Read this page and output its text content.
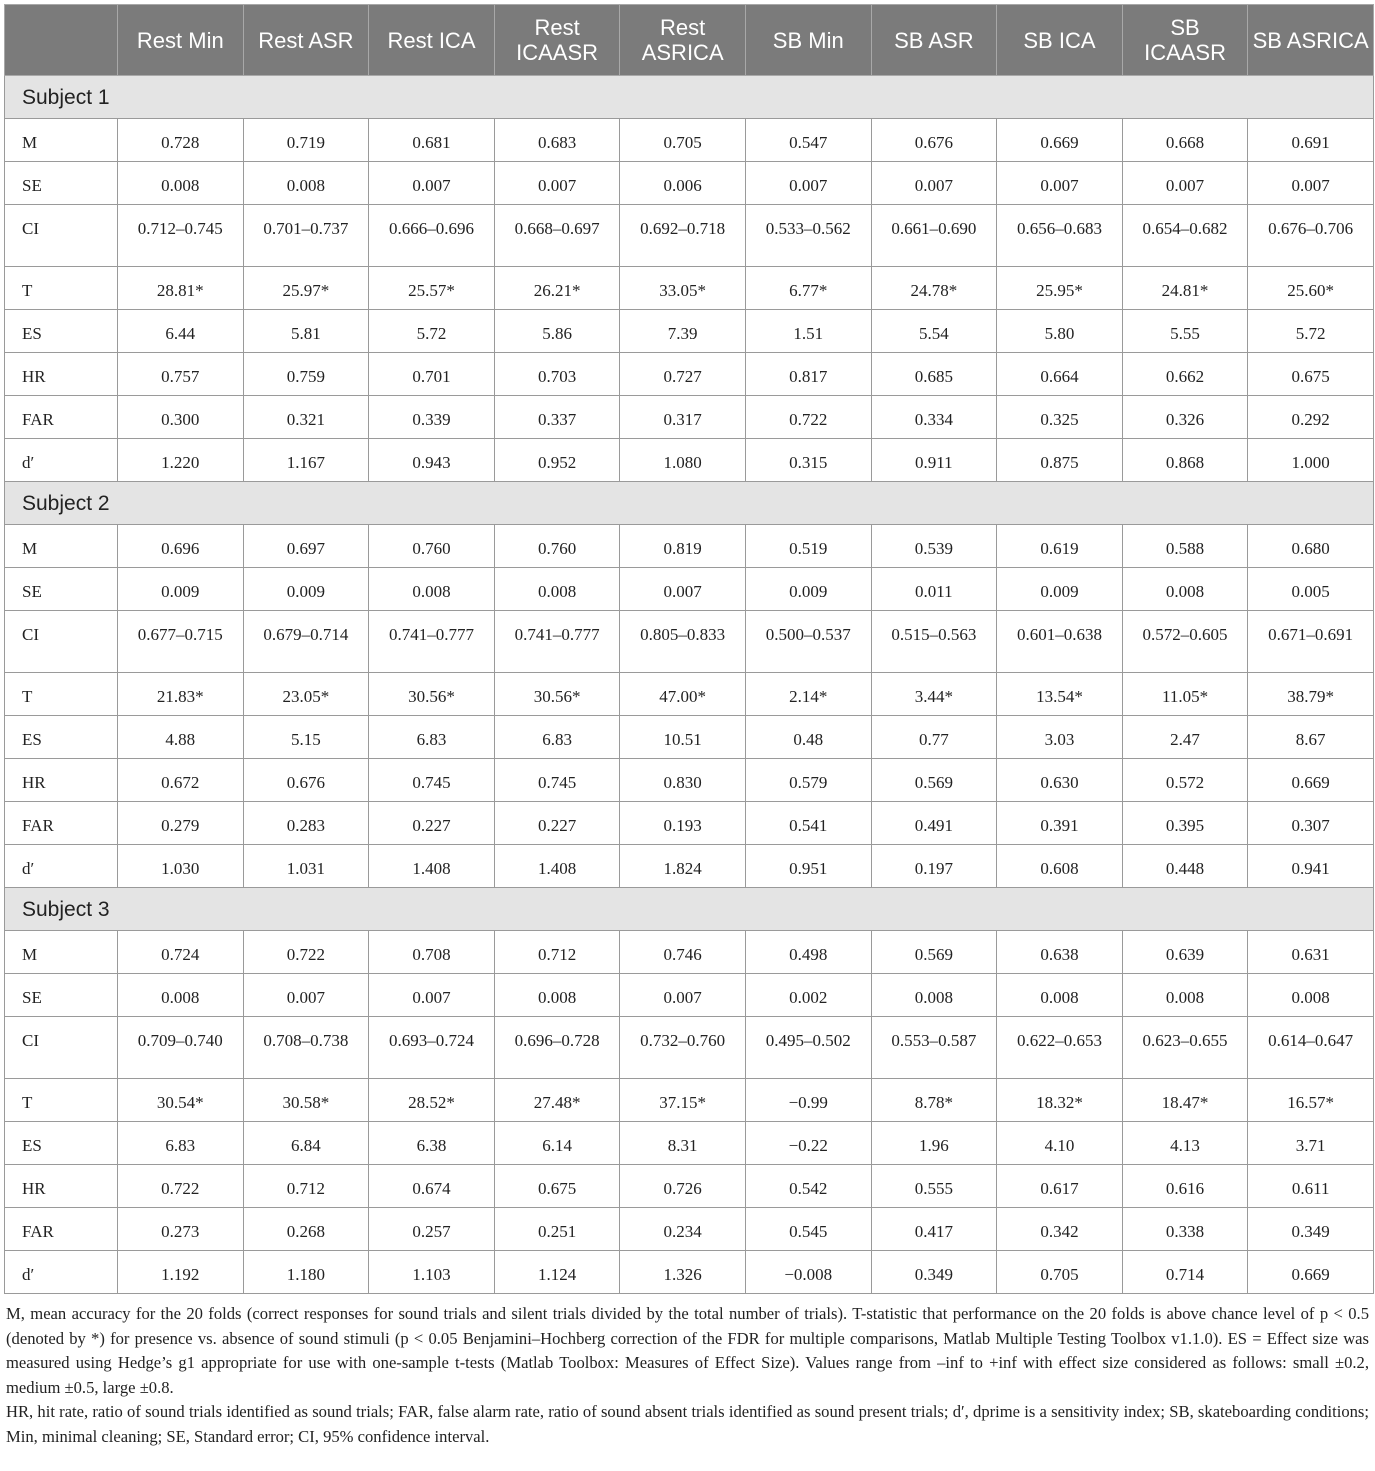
	Rest Min	Rest ASR	Rest ICA	Rest ICAASR	Rest ASRICA	SB Min	SB ASR	SB ICA	SB ICAASR	SB ASRICA
Subject 1										
M	0.728	0.719	0.681	0.683	0.705	0.547	0.676	0.669	0.668	0.691
SE	0.008	0.008	0.007	0.007	0.006	0.007	0.007	0.007	0.007	0.007
CI	0.712–0.745	0.701–0.737	0.666–0.696	0.668–0.697	0.692–0.718	0.533–0.562	0.661–0.690	0.656–0.683	0.654–0.682	0.676–0.706
T	28.81*	25.97*	25.57*	26.21*	33.05*	6.77*	24.78*	25.95*	24.81*	25.60*
ES	6.44	5.81	5.72	5.86	7.39	1.51	5.54	5.80	5.55	5.72
HR	0.757	0.759	0.701	0.703	0.727	0.817	0.685	0.664	0.662	0.675
FAR	0.300	0.321	0.339	0.337	0.317	0.722	0.334	0.325	0.326	0.292
d′	1.220	1.167	0.943	0.952	1.080	0.315	0.911	0.875	0.868	1.000
Subject 2										
M	0.696	0.697	0.760	0.760	0.819	0.519	0.539	0.619	0.588	0.680
SE	0.009	0.009	0.008	0.008	0.007	0.009	0.011	0.009	0.008	0.005
CI	0.677–0.715	0.679–0.714	0.741–0.777	0.741–0.777	0.805–0.833	0.500–0.537	0.515–0.563	0.601–0.638	0.572–0.605	0.671–0.691
T	21.83*	23.05*	30.56*	30.56*	47.00*	2.14*	3.44*	13.54*	11.05*	38.79*
ES	4.88	5.15	6.83	6.83	10.51	0.48	0.77	3.03	2.47	8.67
HR	0.672	0.676	0.745	0.745	0.830	0.579	0.569	0.630	0.572	0.669
FAR	0.279	0.283	0.227	0.227	0.193	0.541	0.491	0.391	0.395	0.307
d′	1.030	1.031	1.408	1.408	1.824	0.951	0.197	0.608	0.448	0.941
Subject 3										
M	0.724	0.722	0.708	0.712	0.746	0.498	0.569	0.638	0.639	0.631
SE	0.008	0.007	0.007	0.008	0.007	0.002	0.008	0.008	0.008	0.008
CI	0.709–0.740	0.708–0.738	0.693–0.724	0.696–0.728	0.732–0.760	0.495–0.502	0.553–0.587	0.622–0.653	0.623–0.655	0.614–0.647
T	30.54*	30.58*	28.52*	27.48*	37.15*	−0.99	8.78*	18.32*	18.47*	16.57*
ES	6.83	6.84	6.38	6.14	8.31	−0.22	1.96	4.10	4.13	3.71
HR	0.722	0.712	0.674	0.675	0.726	0.542	0.555	0.617	0.616	0.611
FAR	0.273	0.268	0.257	0.251	0.234	0.545	0.417	0.342	0.338	0.349
d′	1.192	1.180	1.103	1.124	1.326	−0.008	0.349	0.705	0.714	0.669

M, mean accuracy for the 20 folds (correct responses for sound trials and silent trials divided by the total number of trials). T-statistic that performance on the 20 folds is above chance level of p < 0.5 (denoted by *) for presence vs. absence of sound stimuli (p < 0.05 Benjamini–Hochberg correction of the FDR for multiple comparisons, Matlab Multiple Testing Toolbox v1.1.0). ES = Effect size was measured using Hedge’s g1 appropriate for use with one-sample t-tests (Matlab Toolbox: Measures of Effect Size). Values range from –inf to +inf with effect size considered as follows: small ±0.2, medium ±0.5, large ±0.8.

HR, hit rate, ratio of sound trials identified as sound trials; FAR, false alarm rate, ratio of sound absent trials identified as sound present trials; d′, dprime is a sensitivity index; SB, skateboarding conditions; Min, minimal cleaning; SE, Standard error; CI, 95% confidence interval.
